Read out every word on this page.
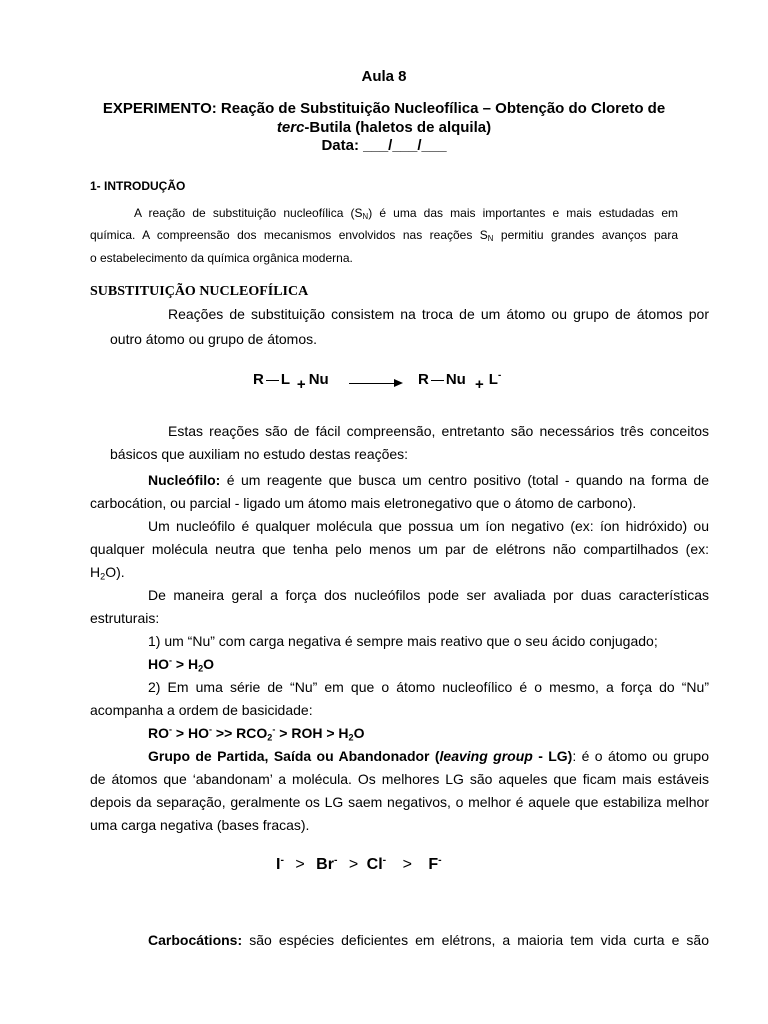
Aula 8
EXPERIMENTO: Reação de Substituição Nucleofílica – Obtenção do Cloreto de
terc-Butila (haletos de alquila)
Data: ___/___/___
1- INTRODUÇÃO
A reação de substituição nucleofílica $(S_N)$ é uma das mais importantes e mais estudadas em
química. A compreensão dos mecanismos envolvidos nas reações $S_N$ permitiu grandes avanços para
o estabelecimento da química orgânica moderna.
SUBSTITUIÇÃO NUCLEOFÍLICA
Reações de substituição consistem na troca de um átomo ou grupo de átomos por
outro átomo ou grupo de átomos.
R L + Nu → R Nu + L-
Estas reações são de fácil compreensão, entretanto são necessários três conceitos
básicos que auxiliam no estudo destas reações:
Nucleófilo: é um reagente que busca um centro positivo (total - quando na forma de
carbocátion, ou parcial - ligado um átomo mais eletronegativo que o átomo de carbono).
Um nucleófilo é qualquer molécula que possua um íon negativo (ex: íon hidróxido) ou
qualquer molécula neutra que tenha pelo menos um par de elétrons não compartilhados (ex:
$H_2O$).
De maneira geral a força dos nucleófilos pode ser avaliada por duas características
estruturais:
1) um “Nu” com carga negativa é sempre mais reativo que o seu ácido conjugado;
$HO^- > H_2O$
2) Em uma série de “Nu” em que o átomo nucleofílico é o mesmo, a força do “Nu”
acompanha a ordem de basicidade:
$RO^- > HO^- >> RCO_2^-$ > ROH > $H_2O$
Grupo de Partida, Saída ou Abandonador (leaving group - LG): é o átomo ou grupo
de átomos que ‘abandonam’ a molécula. Os melhores LG são aqueles que ficam mais estáveis
depois da separação, geralmente os LG saem negativos, o melhor é aquele que estabiliza melhor
uma carga negativa (bases fracas).
I- > Br- > Cl- > F-
Carbocátions: são espécies deficientes em elétrons, a maioria tem vida curta e são
